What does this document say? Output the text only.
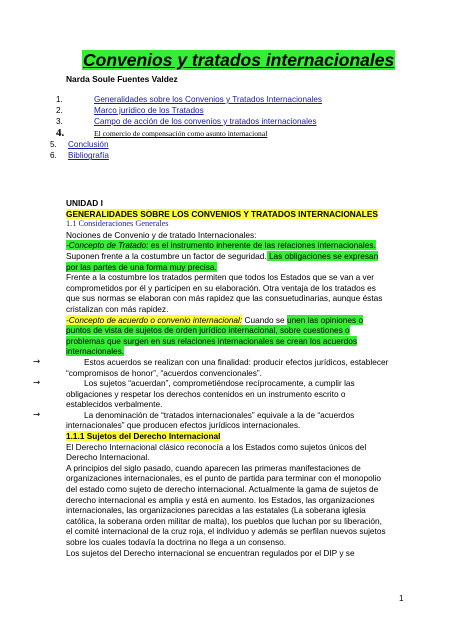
Convenios y tratados internacionales
Narda Soule Fuentes Valdez
1.	Generalidades sobre los Convenios y Tratados Internacionales
2.	Marco jurídico de los Tratados
3.	Campo de acción de los convenios y tratados internacionales
4.	El comercio de compensación como asunto internacional
5. Conclusión
6. Bibliografía
UNIDAD I
GENERALIDADES SOBRE LOS CONVENIOS Y TRATADOS INTERNACIONALES
1.1 Consideraciones Generales
Nociones de Convenio y de tratado Internacionales:
-Concepto de Tratado: es el instrumento inherente de las relaciones internacionales.
Suponen frente a la costumbre un factor de seguridad. Las obligaciones se expresan
por las partes de una forma muy precisa.
Frente a la costumbre los tratados permiten que todos los Estados que se van a ver
comprometidos por él y participen en su elaboración. Otra ventaja de los tratados es
que sus normas se elaboran con más rapidez que las consuetudinarias, aunque éstas
cristalizan con más rapidez.
-Concepto de acuerdo o convenio internacional: Cuando se unen las opiniones o
puntos de vista de sujetos de orden jurídico internacional, sobre cuestiones o
problemas que surgen en sus relaciones internacionales se crean los acuerdos
internacionales.
→	Estos acuerdos se realizan con una finalidad: producir efectos jurídicos, establecer
“compromisos de honor”, “acuerdos convencionales”.
→	Los sujetos “acuerdan”, comprometiéndose recíprocamente, a cumplir las
obligaciones y respetar los derechos contenidos en un instrumento escrito o
establecidos verbalmente.
→	La denominación de “tratados internacionales” equivale a la de “acuerdos
internacionales” que producen efectos jurídicos internacionales.
1.1.1 Sujetos del Derecho Internacional
El Derecho Internacional clásico reconocía a los Estados como sujetos únicos del
Derecho Internacional.
A principios del siglo pasado, cuando aparecen las primeras manifestaciones de
organizaciones internacionales, es el punto de partida para terminar con el monopolio
del estado como sujeto de derecho internacional. Actualmente la gama de sujetos de
derecho internacional es amplia y está en aumento. los Estados, las organizaciones
internacionales, las organizaciones parecidas a las estatales (La soberana iglesia
católica, la soberana orden militar de malta), los pueblos que luchan por su liberación,
el comité internacional de la cruz roja, el individuo y además se perfilan nuevos sujetos
sobre los cuales todavía la doctrina no llega a un consenso.
Los sujetos del Derecho internacional se encuentran regulados por el DIP y se
1
